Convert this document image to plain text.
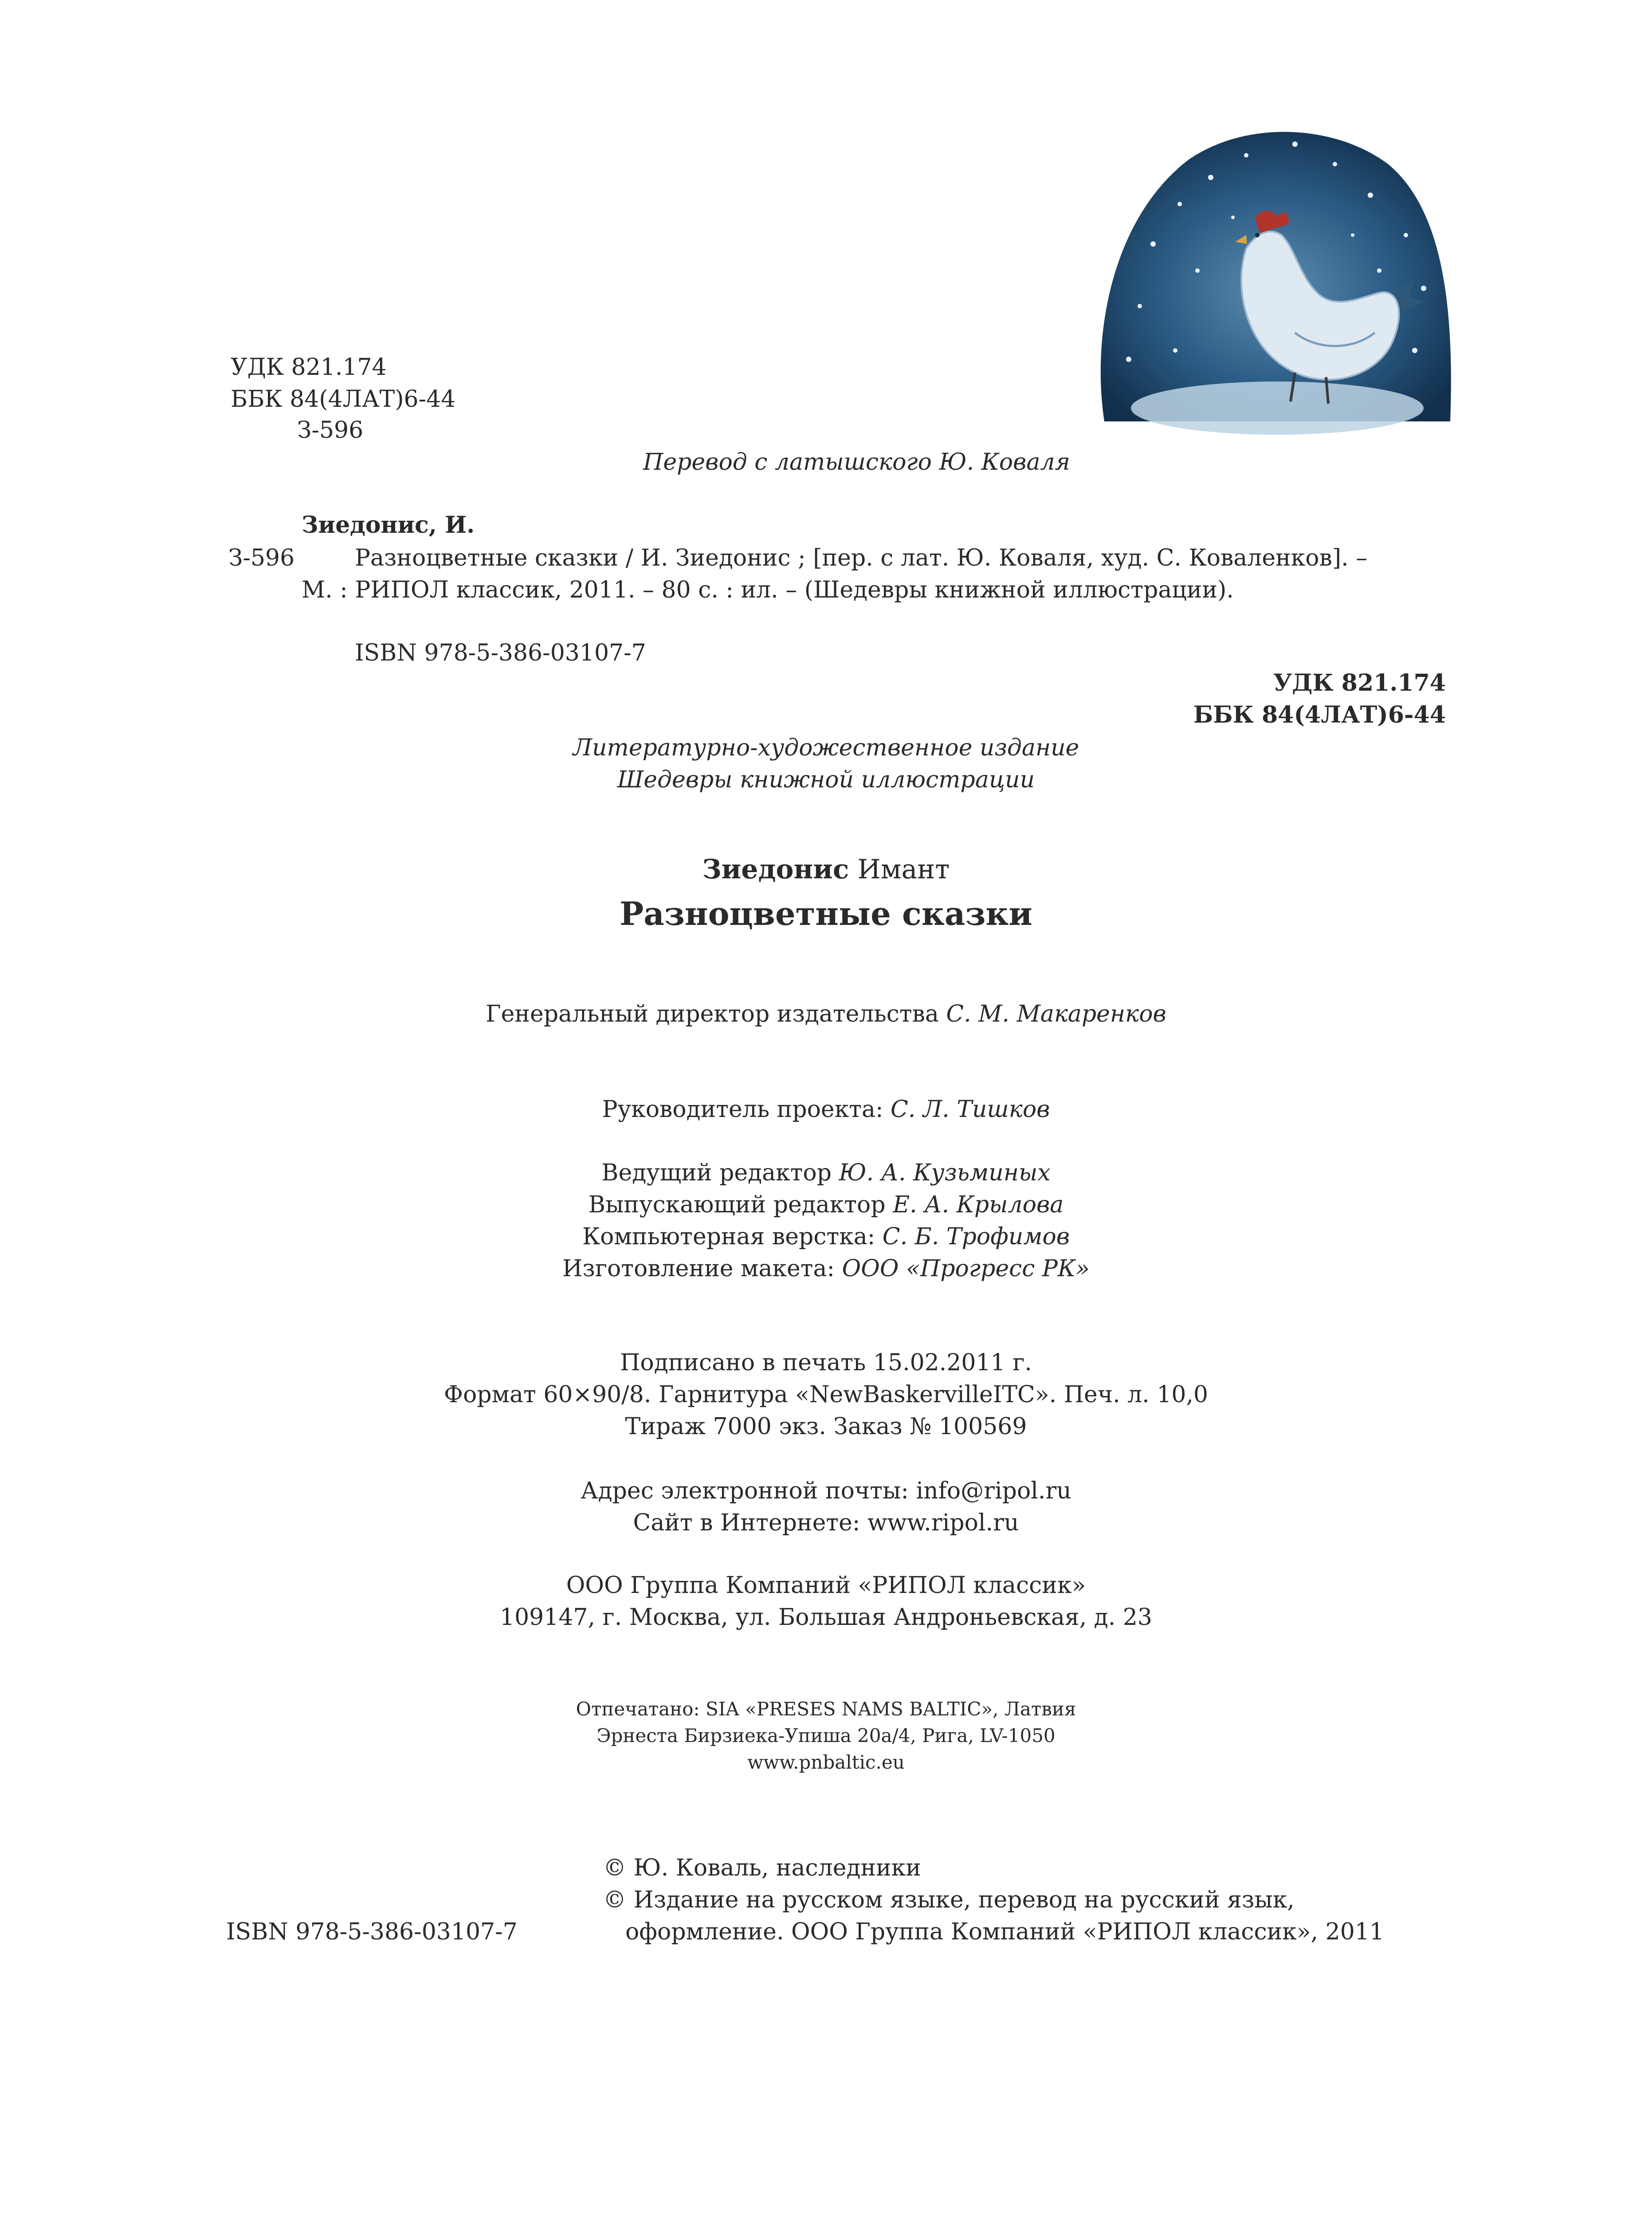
УДК 821.174
ББК 84(4ЛАТ)6-44
З-596
Перевод с латышского Ю. Коваля
Зиедонис, И.
З-596	Разноцветные сказки / И. Зиедонис ; [пер. с лат. Ю. Коваля, худ. С. Коваленков]. –
М. : РИПОЛ классик, 2011. – 80 с. : ил. – (Шедевры книжной иллюстрации).
ISBN 978-5-386-03107-7
УДК 821.174
ББК 84(4ЛАТ)6-44
Литературно-художественное издание
Шедевры книжной иллюстрации
Зиедонис Имант
Разноцветные сказки
Генеральный директор издательства С. М. Макаренков
Руководитель проекта: С. Л. Тишков
Ведущий редактор Ю. А. Кузьминых
Выпускающий редактор Е. А. Крылова
Компьютерная верстка: С. Б. Трофимов
Изготовление макета: ООО «Прогресс РК»
Подписано в печать 15.02.2011 г.
Формат 60×90/8. Гарнитура «NewBaskervilleITC». Печ. л. 10,0
Тираж 7000 экз. Заказ № 100569
Адрес электронной почты: info@ripol.ru
Сайт в Интернете: www.ripol.ru
ООО Группа Компаний «РИПОЛ классик»
109147, г. Москва, ул. Большая Андроньевская, д. 23
Отпечатано: SIA «PRESES NAMS BALTIC», Латвия
Эрнеста Бирзиека-Упиша 20а/4, Рига, LV-1050
www.pnbaltic.eu
© Ю. Коваль, наследники
© Издание на русском языке, перевод на русский язык,
ISBN 978-5-386-03107-7	оформление. ООО Группа Компаний «РИПОЛ классик», 2011
